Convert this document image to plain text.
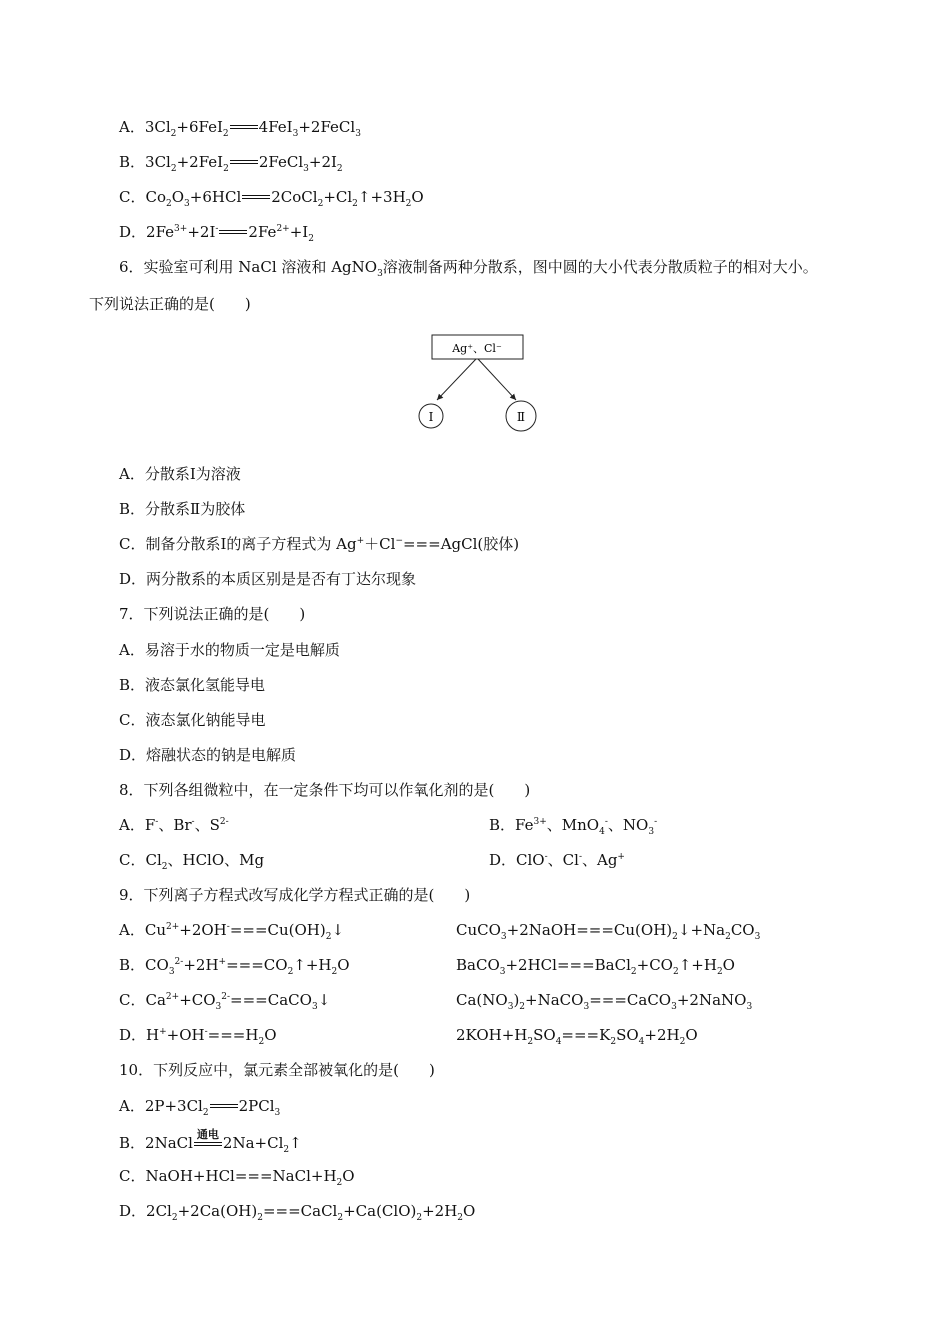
A．$3Cl_2+6FeI_2$ 4FeI$_3$+2FeCl$_3$
B．$3Cl_2+2FeI_2$ $2FeCl_3+2I_2$
C．$Co_2O_3+6HCl$ $2CoCl_2+Cl_2↑+3H_2O$
D．$2Fe^{3+}+2I^-$ $2Fe^{2+}+I_2$
6．实验室可利用 NaCl 溶液和 AgNO$_3$溶液制备两种分散系，图中圆的大小代表分散质粒子的相对大小。
下列说法正确的是(　　)
Ag⁺、Cl⁻
Ⅰ	Ⅱ
A．分散系Ⅰ为溶液
B．分散系Ⅱ为胶体
C．制备分散系Ⅰ的离子方程式为 Ag+＋Cl−===AgCl(胶体)
D．两分散系的本质区别是是否有丁达尔现象
7．下列说法正确的是(　　)
A．易溶于水的物质一定是电解质
B．液态氯化氢能导电
C．液态氯化钠能导电
D．熔融状态的钠是电解质
8．下列各组微粒中，在一定条件下均可以作氧化剂的是(　　)
A．F-、Br-、$S^{2-}$	B．$Fe^{3+}$、MnO$_4$-、$NO_3^-$
C．$Cl_2$、HClO、Mg	D．ClO-、Cl-、Ag+
9．下列离子方程式改写成化学方程式正确的是(　　)
A．$Cu^{2+}+2OH^-===Cu(OH)_2↓$	$CuCO_3+2NaOH===Cu(OH)_2↓+Na_2CO_3$
B．$CO_3^{2-}+2H^+===CO_2↑+H_2O$	$BaCO_3+2HCl===BaCl_2+CO_2↑+H_2O$
C．$Ca^{2+}+CO_3^{2-}===CaCO_3↓$	$Ca(NO_3)_2+NaCO_3===CaCO_3+2NaNO_3$
D．$H^++OH^-===H_2O$	$2KOH+H_2SO_4===K_2SO_4+2H_2O$
10．下列反应中，氯元素全部被氧化的是(　　)
A．$2P+3Cl_2$ 2PCl$_3$
B．2NaCl 通电 $2Na+Cl_2↑$
C．$NaOH+HCl===NaCl+H_2O$
D．$2Cl_2+2Ca(OH)_2===CaCl_2+Ca(ClO)_2+2H_2O$
